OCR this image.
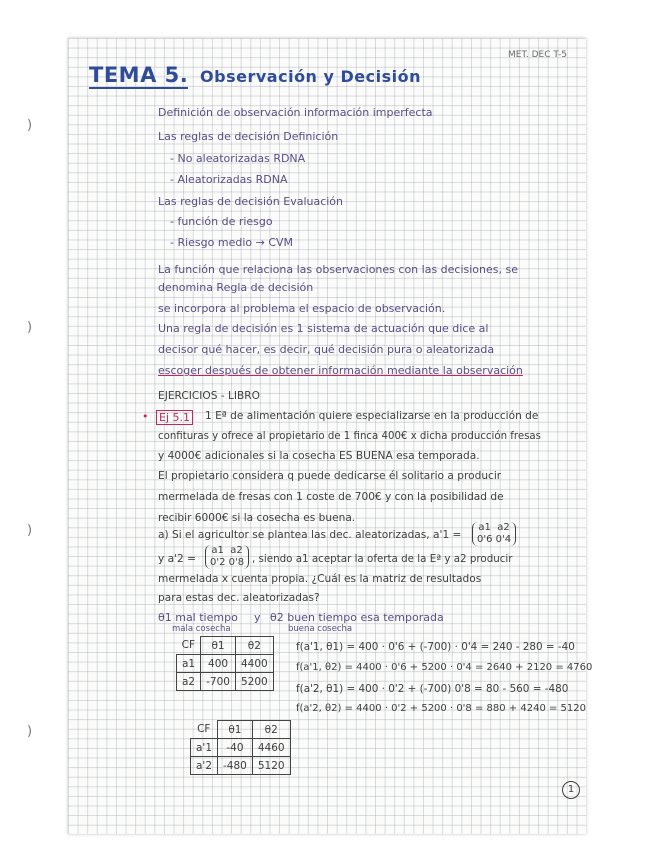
)
)
)
)
MET. DEC T-5
TEMA 5. Observación y Decisión
Definición de observación información imperfecta
Las reglas de decisión Definición
- No aleatorizadas RDNA
- Aleatorizadas RDNA
Las reglas de decisión Evaluación
- función de riesgo
- Riesgo medio → CVM
La función que relaciona las observaciones con las decisiones, se
denomina Regla de decisión
se incorpora al problema el espacio de observación.
Una regla de decisión es 1 sistema de actuación que dice al
decisor qué hacer, es decir, qué decisión pura o aleatorizada
escoger después de obtener información mediante la observación
EJERCICIOS - LIBRO
• Ej 5.1 1 Eª de alimentación quiere especializarse en la producción de
confituras y ofrece al propietario de 1 finca 400€ x dicha producción fresas
y 4000€ adicionales si la cosecha ES BUENA esa temporada.
El propietario considera q puede dedicarse él solitario a producir
mermelada de fresas con 1 coste de 700€ y con la posibilidad de
recibir 6000€ si la cosecha es buena.
a) Si el agricultor se plantea las dec. aleatorizadas, a'1 =
a1 a2
0'6 0'4
y a'2 =
a1 a2
0'2 0'8 , siendo a1 aceptar la oferta de la Eª y a2 producir
mermelada x cuenta propia. ¿Cuál es la matriz de resultados
para estas dec. aleatorizadas?
θ1 mal tiempo
mala cosecha
y θ2 buen tiempo esa temporada
buena cosecha
CF	θ1	θ2
a1	400	4400
a2	-700	5200
f(a'1, θ1) = 400 · 0'6 + (-700) · 0'4 = 240 - 280 = -40
f(a'1, θ2) = 4400 · 0'6 + 5200 · 0'4 = 2640 + 2120 = 4760
f(a'2, θ1) = 400 · 0'2 + (-700) 0'8 = 80 - 560 = -480
f(a'2, θ2) = 4400 · 0'2 + 5200 · 0'8 = 880 + 4240 = 5120
CF	θ1	θ2
a'1	-40	4460
a'2	-480	5120
1
